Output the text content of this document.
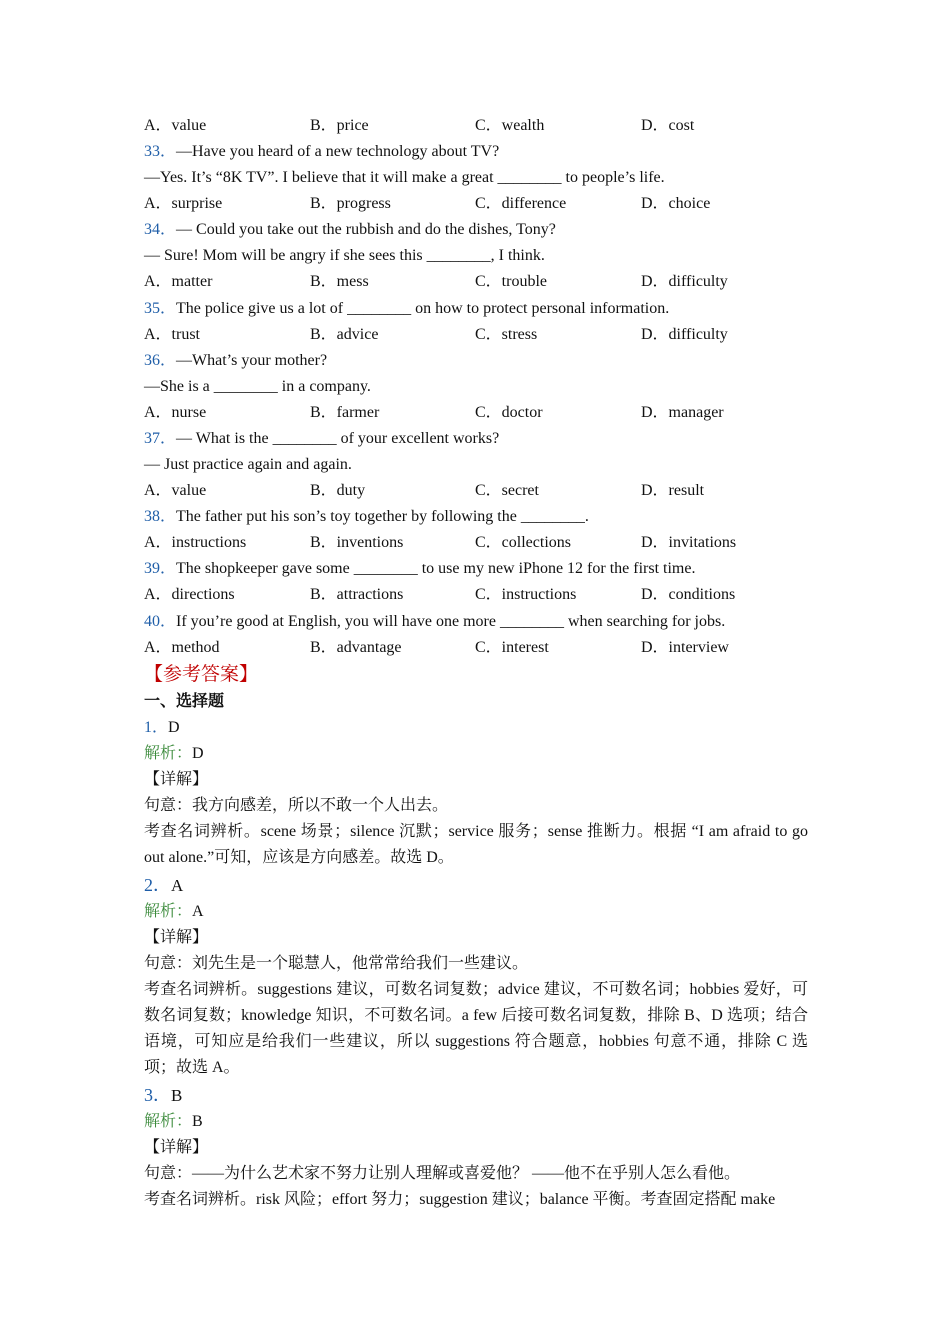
A．value	B．price	C．wealth	D．cost
33．—Have you heard of a new technology about TV?
—Yes. It’s “8K TV”. I believe that it will make a great ________ to people’s life.
A．surprise	B．progress	C．difference	D．choice
34．— Could you take out the rubbish and do the dishes, Tony?
— Sure! Mom will be angry if she sees this ________, I think.
A．matter	B．mess	C．trouble	D．difficulty
35．The police give us a lot of ________ on how to protect personal information.
A．trust	B．advice	C．stress	D．difficulty
36．—What’s your mother?
—She is a ________ in a company.
A．nurse	B．farmer	C．doctor	D．manager
37．— What is the ________ of your excellent works?
— Just practice again and again.
A．value	B．duty	C．secret	D．result
38．The father put his son’s toy together by following the ________.
A．instructions	B．inventions	C．collections	D．invitations
39．The shopkeeper gave some ________ to use my new iPhone 12 for the first time.
A．directions	B．attractions	C．instructions	D．conditions
40．If you’re good at English, you will have one more ________ when searching for jobs.
A．method	B．advantage	C．interest	D．interview
【参考答案】
一、选择题
1．D
解析：D
【详解】
句意：我方向感差，所以不敢一个人出去。
考查名词辨析。scene 场景；silence 沉默；service 服务；sense 推断力。根据 “I am afraid to go out alone.”可知，应该是方向感差。故选 D。
2．A
解析：A
【详解】
句意：刘先生是一个聪慧人，他常常给我们一些建议。
考查名词辨析。suggestions 建议，可数名词复数；advice 建议，不可数名词；hobbies 爱好，可数名词复数；knowledge 知识，不可数名词。a few 后接可数名词复数，排除 B、D 选项；结合语境，可知应是给我们一些建议，所以 suggestions 符合题意，hobbies 句意不通，排除 C 选项；故选 A。
3．B
解析：B
【详解】
句意：——为什么艺术家不努力让别人理解或喜爱他？ ——他不在乎别人怎么看他。
考查名词辨析。risk 风险；effort 努力；suggestion 建议；balance 平衡。考查固定搭配 make
